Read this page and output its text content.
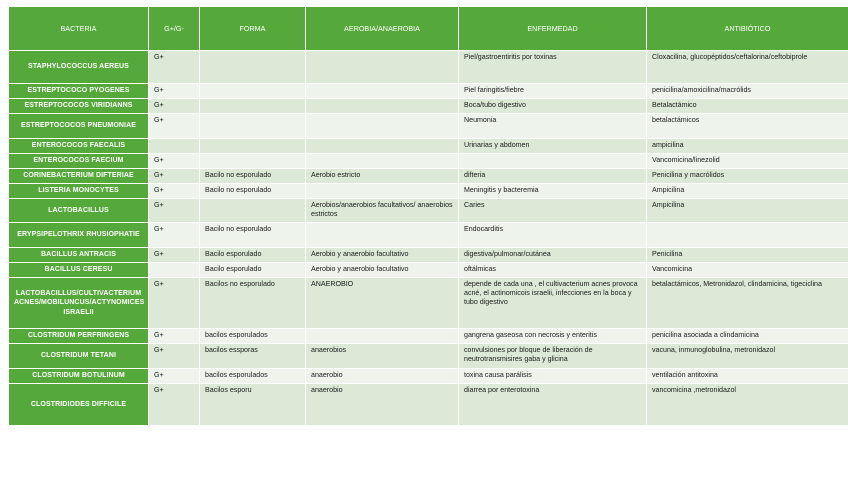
BACTERIA	G+/G-	FORMA	AEROBIA/ANAEROBIA	ENFERMEDAD	ANTIBIÓTICO
STAPHYLOCOCCUS AEREUS	G+			Piel/gastroentiritis por toxinas	Cloxacilina, glucopéptidos/ceftalorina/ceftobiprole
ESTREPTOCOCO PYOGENES	G+			Piel faringitis/fiebre	penicilina/amoxicilina/macrólids
ESTREPTOCOCOS VIRIDIANNS	G+			Boca/tubo digestivo	Betalactámico
ESTREPTOCOCOS PNEUMONIAE	G+			Neumonia	betalactámicos
ENTEROCOCOS FAECALIS				Urinarias y abdomen	ampicilina
ENTEROCOCOS FAECIUM	G+				Vancomicina/linezolid
CORINEBACTERIUM DIFTERIAE	G+	Bacilo no esporulado	Aerobio estricto	difteria	Penicilina y macrólidos
LISTERIA MONOCYTES	G+	Bacilo no esporulado		Meningitis y bacteremia	Ampicilina
LACTOBACILLUS	G+		Aerobios/anaerobios facultativos/ anaerobios estrictos	Caries	Ampicilina
ERYPSIPELOTHRIX RHUSIOPHATIE	G+	Bacilo no esporulado		Endocarditis	
BACILLUS ANTRACIS	G+	Bacilo esporulado	Aerobio y anaerobio facultativo	digestiva/pulmonar/cutánea	Penicilina
BACILLUS CERESU		Bacilo esporulado	Aerobio y anaerobio facultativo	oftálmicas	Vancomicina
LACTOBACILLUS/CULTIVACTERIUM ACNES/MOBILUNCUS/ACTYNOMICES ISRAELII	G+	Bacilos no esporulado	ANAEROBIO	depende de cada una , el cultivacterium acnes provoca acné, el actinomicois israelii, infecciones en la boca y tubo digestivo	betalactámicos, Metronidazol, clindamicina, tigeciclina
CLOSTRIDUM PERFRINGENS	G+	bacilos esporulados		gangrena gaseosa con necrosis y enteritis	penicilina asociada a clindamicina
CLOSTRIDUM TETANI	G+	bacilos essporas	anaerobios	convulsiones por bloque de liberación de neutrotransmisires gaba y glicina	vacuna, inmunoglobulina, metronidazol
CLOSTRIDUM BOTULINUM	G+	bacilos esporulados	anaerobio	toxina causa parálisis	ventilación antitoxina
CLOSTRIDIODES DIFFICILE	G+	Bacilos esporu	anaerobio	diarrea por enterotoxina	vancomicina ,metronidazol
